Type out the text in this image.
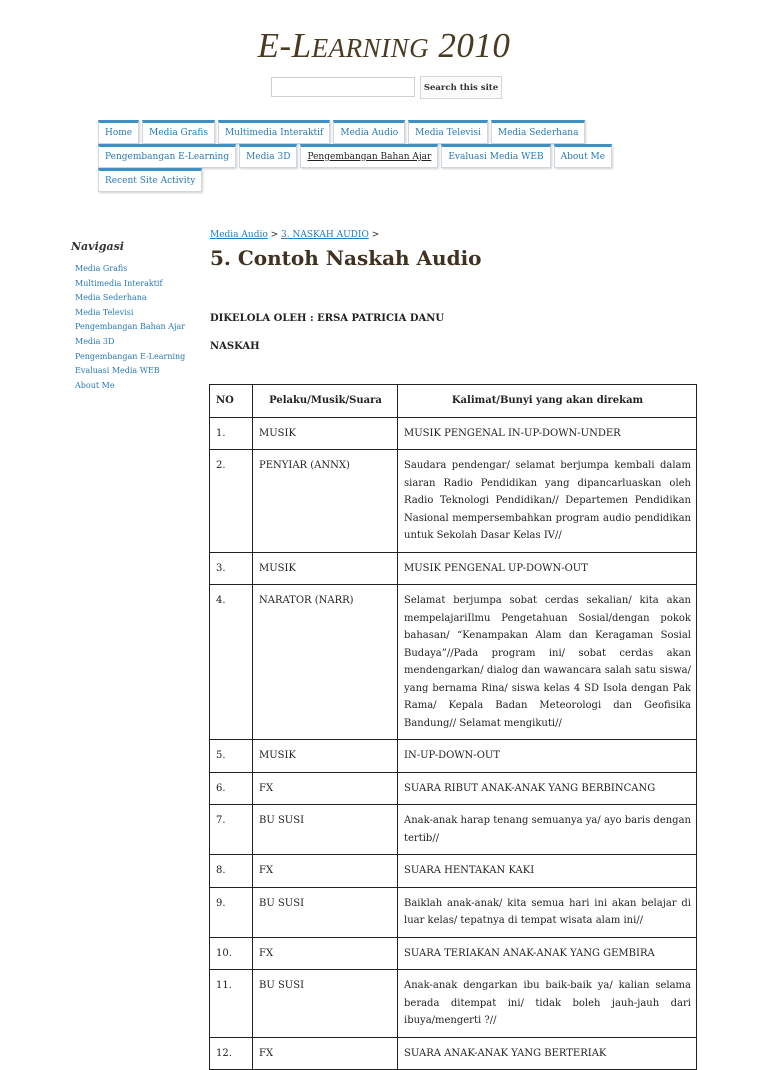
E-LEARNING 2010
Search this site
Home	Media Grafis	Multimedia Interaktif	Media Audio	Media Televisi	Media Sederhana
Pengembangan E-Learning	Media 3D	Pengembangan Bahan Ajar	Evaluasi Media WEB	About Me
Recent Site Activity
Navigasi
Media Grafis
Multimedia Interaktif
Media Sederhana
Media Televisi
Pengembangan Bahan Ajar
Media 3D
Pengembangan E-Learning
Evaluasi Media WEB
About Me
Media Audio > 3. NASKAH AUDIO >
5. Contoh Naskah Audio
DIKELOLA OLEH : ERSA PATRICIA DANU
NASKAH
NO	Pelaku/Musik/Suara	Kalimat/Bunyi yang akan direkam
1.	MUSIK	MUSIK PENGENAL IN-UP-DOWN-UNDER
2.	PENYIAR (ANNX)	Saudara pendengar/ selamat berjumpa kembali dalam siaran Radio Pendidikan yang dipancarluaskan oleh Radio Teknologi Pendidikan// Departemen Pendidikan Nasional mempersembahkan program audio pendidikan untuk Sekolah Dasar Kelas IV//
3.	MUSIK	MUSIK PENGENAL UP-DOWN-OUT
4.	NARATOR (NARR)	Selamat berjumpa sobat cerdas sekalian/ kita akan mempelajariIlmu Pengetahuan Sosial/dengan pokok bahasan/ “Kenampakan Alam dan Keragaman Sosial Budaya”//Pada program ini/ sobat cerdas akan mendengarkan/ dialog dan wawancara salah satu siswa/ yang bernama Rina/ siswa kelas 4 SD Isola dengan Pak Rama/ Kepala Badan Meteorologi dan Geofisika Bandung// Selamat mengikuti//
5.	MUSIK	IN-UP-DOWN-OUT
6.	FX	SUARA RIBUT ANAK-ANAK YANG BERBINCANG
7.	BU SUSI	Anak-anak harap tenang semuanya ya/ ayo baris dengan tertib//
8.	FX	SUARA HENTAKAN KAKI
9.	BU SUSI	Baiklah anak-anak/ kita semua hari ini akan belajar di luar kelas/ tepatnya di tempat wisata alam ini//
10.	FX	SUARA TERIAKAN ANAK-ANAK YANG GEMBIRA
11.	BU SUSI	Anak-anak dengarkan ibu baik-baik ya/ kalian selama berada ditempat ini/ tidak boleh jauh-jauh dari ibuya/mengerti ?//
12.	FX	SUARA ANAK-ANAK YANG BERTERIAK
